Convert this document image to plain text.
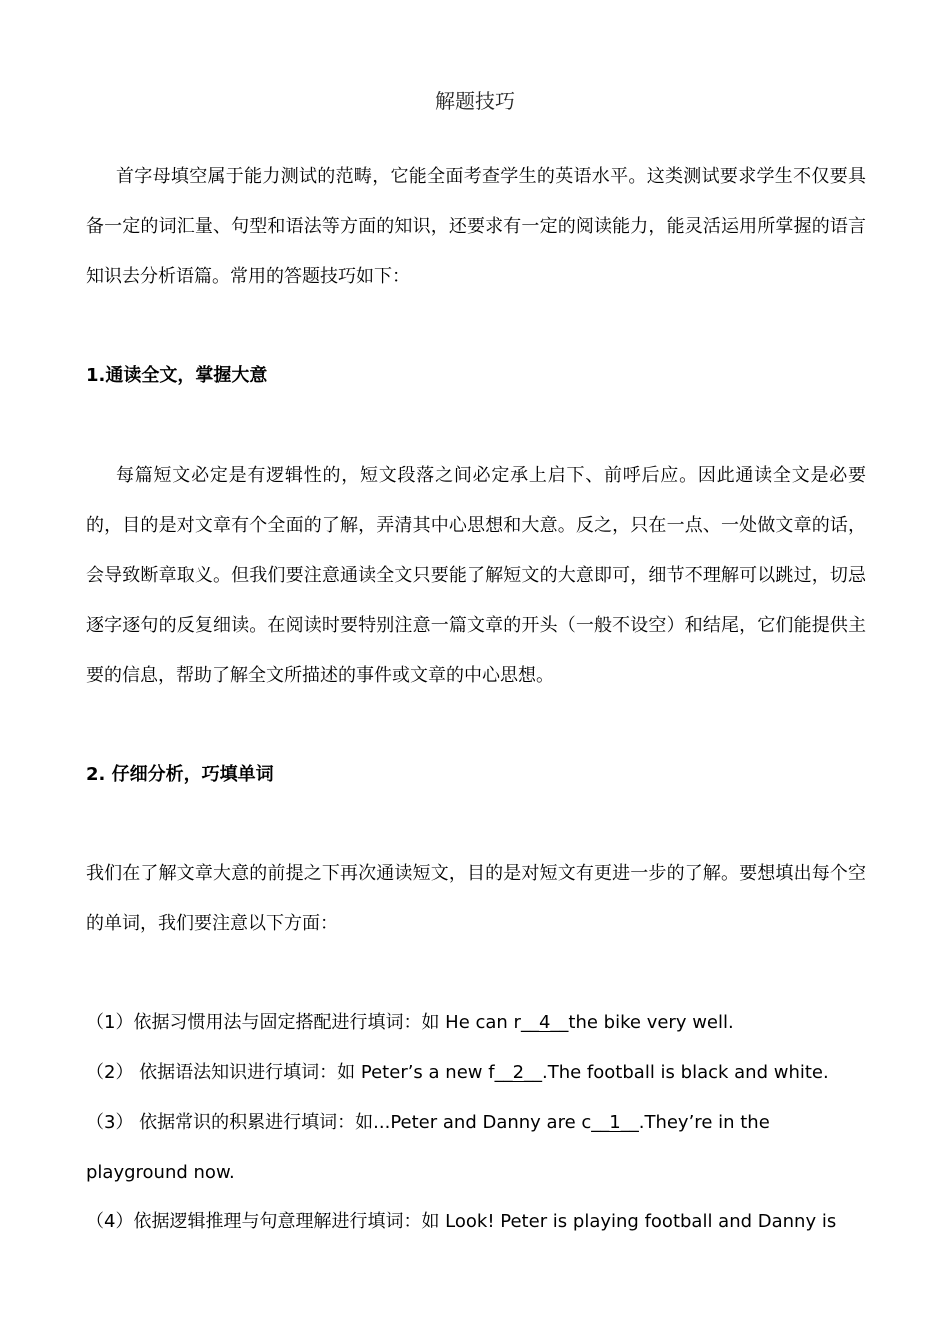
解题技巧

首字母填空属于能力测试的范畴，它能全面考查学生的英语水平。这类测试要求学生不仅要具备一定的词汇量、句型和语法等方面的知识，还要求有一定的阅读能力，能灵活运用所掌握的语言知识去分析语篇。常用的答题技巧如下：

1.通读全文，掌握大意

每篇短文必定是有逻辑性的，短文段落之间必定承上启下、前呼后应。因此通读全文是必要的，目的是对文章有个全面的了解，弄清其中心思想和大意。反之，只在一点、一处做文章的话，会导致断章取义。但我们要注意通读全文只要能了解短文的大意即可，细节不理解可以跳过，切忌逐字逐句的反复细读。在阅读时要特别注意一篇文章的开头（一般不设空）和结尾，它们能提供主要的信息，帮助了解全文所描述的事件或文章的中心思想。

2. 仔细分析，巧填单词

我们在了解文章大意的前提之下再次通读短文，目的是对短文有更进一步的了解。要想填出每个空的单词，我们要注意以下方面：

（1）依据习惯用法与固定搭配进行填词：如 He can r__4__the bike very well.

（2） 依据语法知识进行填词：如 Peter’s a new f__2__.The football is black and white.

（3） 依据常识的积累进行填词：如...Peter and Danny are c__1__.They’re in the playground now.

（4）依据逻辑推理与句意理解进行填词：如 Look! Peter is playing football and Danny is
